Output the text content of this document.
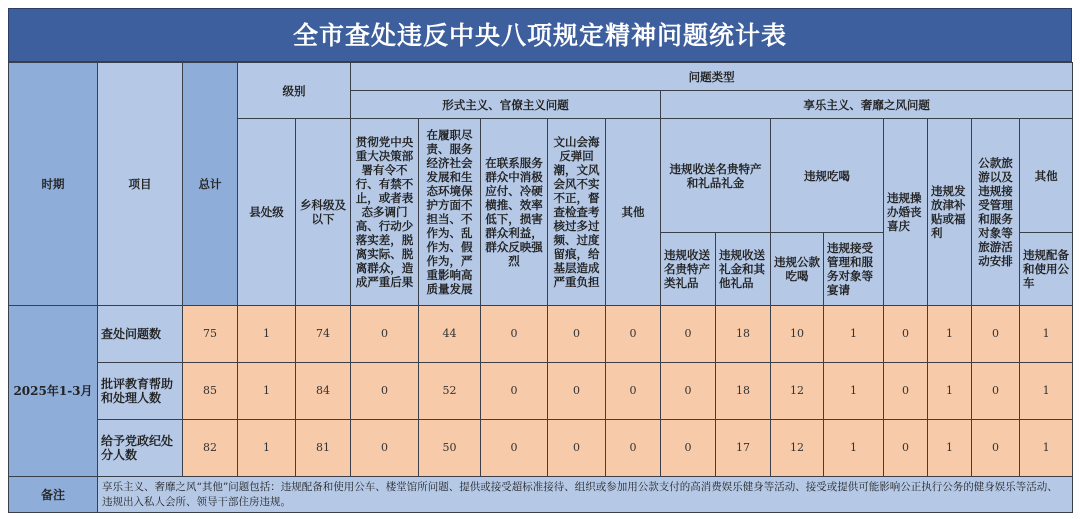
全市查处违反中央八项规定精神问题统计表
时期	项目	总计	级别		问题类型												
					形式主义、官僚主义问题					享乐主义、奢靡之风问题							
			县处级	乡科级及以下	贯彻党中央重大决策部署有令不行、有禁不止，或者表态多调门高、行动少落实差，脱离实际、脱离群众，造成严重后果	在履职尽责、服务经济社会发展和生态环境保护方面不担当、不作为、乱作为、假作为，严重影响高质量发展	在联系服务群众中消极应付、冷硬横推、效率低下，损害群众利益，群众反映强烈	文山会海反弹回潮，文风会风不实不正，督查检查考核过多过频、过度留痕，给基层造成严重负担	其他	违规收送名贵特产和礼品礼金		违规吃喝		违规操办婚丧喜庆	违规发放津补贴或福利	公款旅游以及违规接受管理和服务对象等旅游活动安排	其他
										违规收送名贵特产类礼品	违规收送礼金和其他礼品	违规公款吃喝	违规接受管理和服务对象等宴请				违规配备和使用公车
2025年1-3月	查处问题数	75	1	74	0	44	0	0	0	0	18	10	1	0	1	0	1
	批评教育帮助和处理人数	85	1	84	0	52	0	0	0	0	18	12	1	0	1	0	1
	给予党政纪处分人数	82	1	81	0	50	0	0	0	0	17	12	1	0	1	0	1
备注	享乐主义、奢靡之风“其他”问题包括：违规配备和使用公车、楼堂馆所问题、提供或接受超标准接待、组织或参加用公款支付的高消费娱乐健身等活动、接受或提供可能影响公正执行公务的健身娱乐等活动、违规出入私人会所、领导干部住房违规。																
